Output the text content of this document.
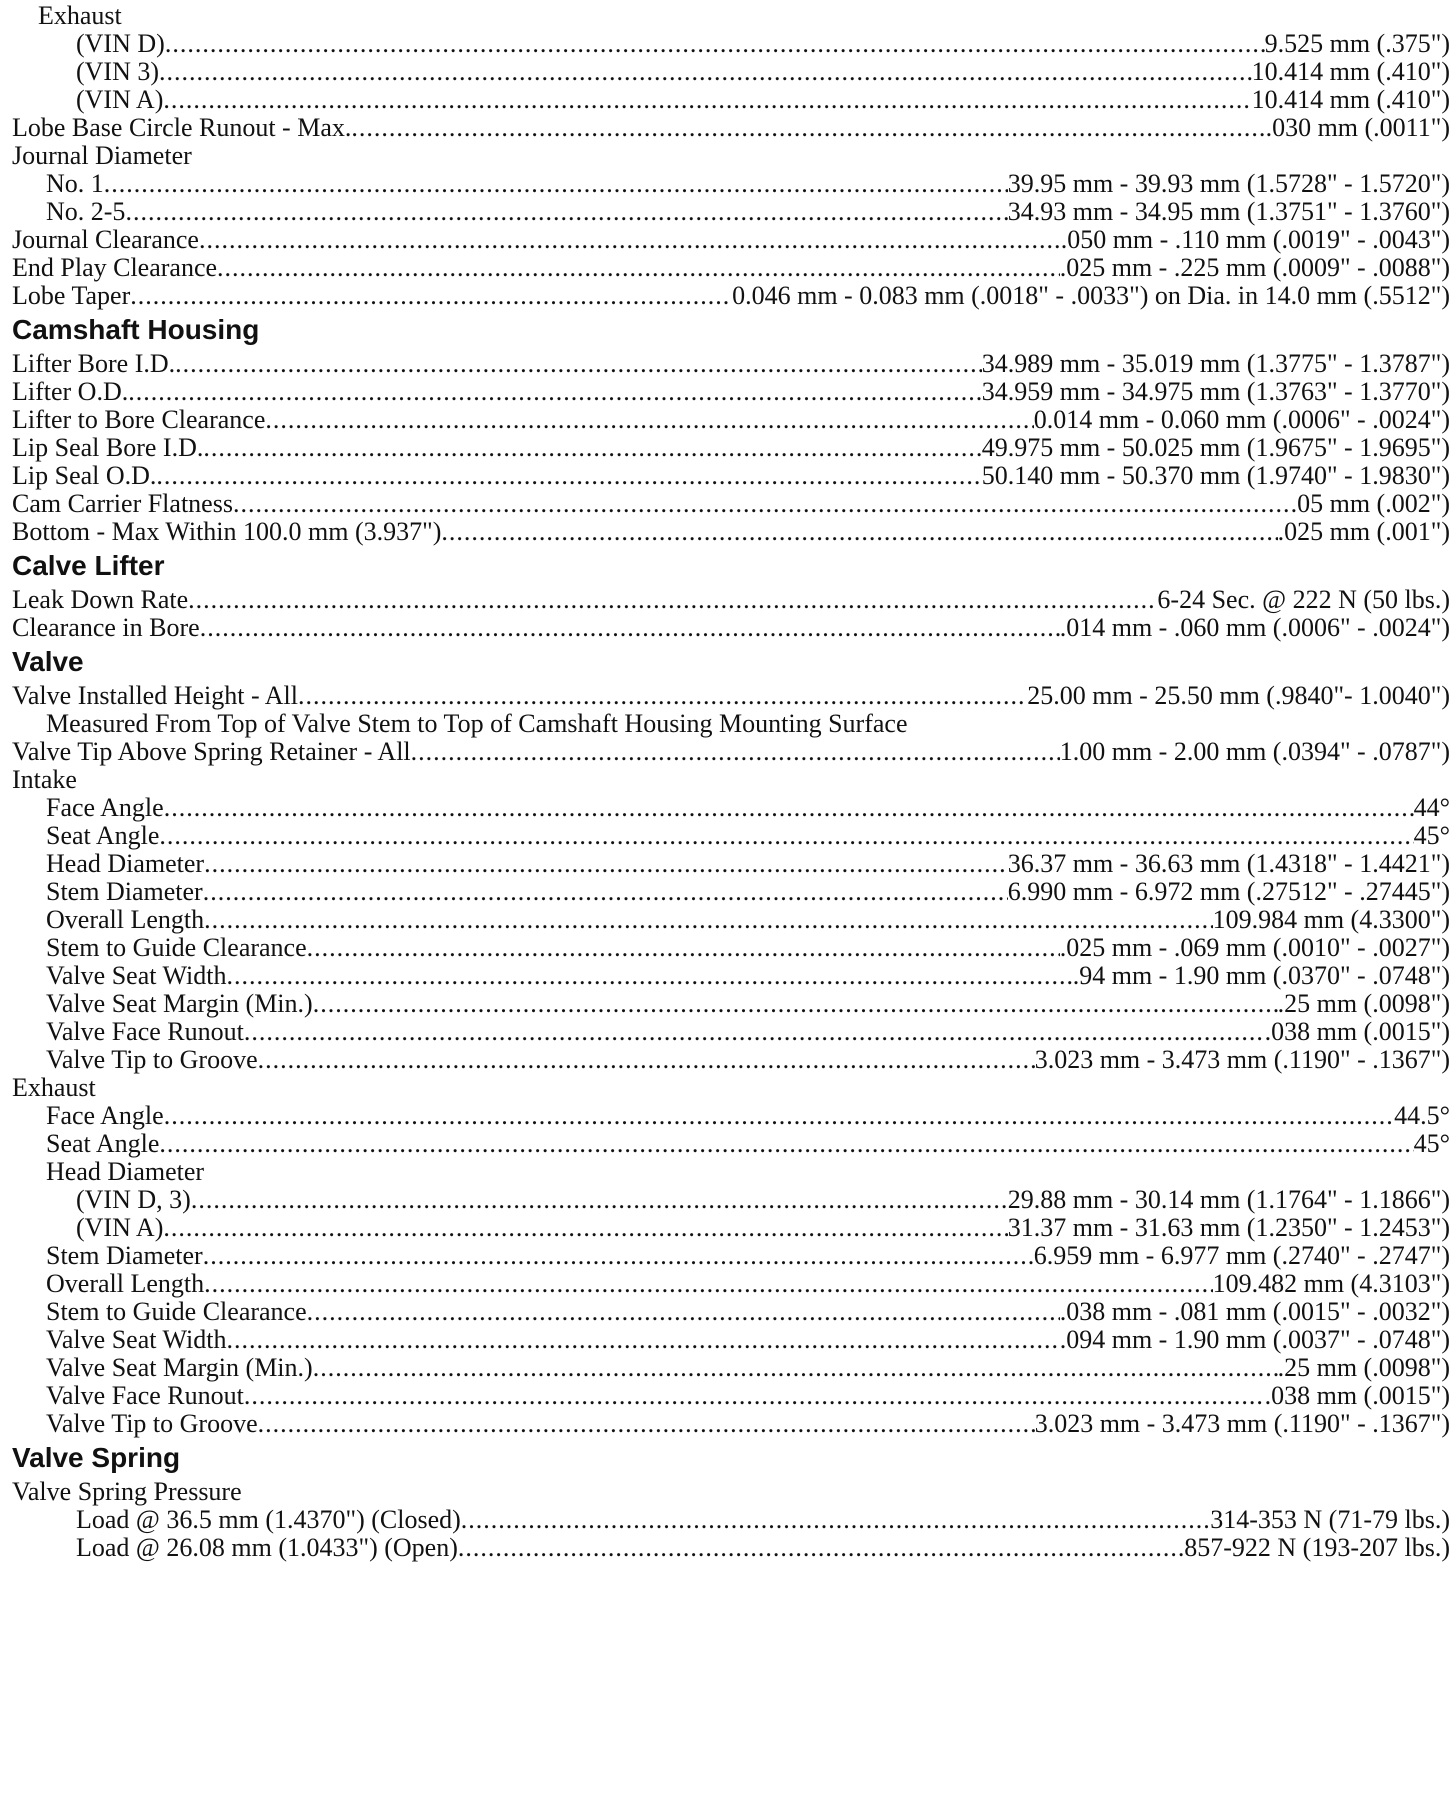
Exhaust
(VIN D) .....	9.525 mm (.375")
(VIN 3) .....	10.414 mm (.410")
(VIN A) .....	10.414 mm (.410")
Lobe Base Circle Runout - Max. .....	.030 mm (.0011")
Journal Diameter
No. 1 .....	39.95 mm - 39.93 mm (1.5728" - 1.5720")
No. 2-5 .....	34.93 mm - 34.95 mm (1.3751" - 1.3760")
Journal Clearance .....	.050 mm - .110 mm (.0019" - .0043")
End Play Clearance .....	.025 mm - .225 mm (.0009" - .0088")
Lobe Taper .....	0.046 mm - 0.083 mm (.0018" - .0033") on Dia. in 14.0 mm (.5512")
Camshaft Housing
Lifter Bore I.D. .....	34.989 mm - 35.019 mm (1.3775" - 1.3787")
Lifter O.D. .....	34.959 mm - 34.975 mm (1.3763" - 1.3770")
Lifter to Bore Clearance .....	0.014 mm - 0.060 mm (.0006" - .0024")
Lip Seal Bore I.D. .....	49.975 mm - 50.025 mm (1.9675" - 1.9695")
Lip Seal O.D. .....	50.140 mm - 50.370 mm (1.9740" - 1.9830")
Cam Carrier Flatness .....	.05 mm (.002")
Bottom - Max Within 100.0 mm (3.937") .....	.025 mm (.001")
Calve Lifter
Leak Down Rate .....	6-24 Sec. @ 222 N (50 lbs.)
Clearance in Bore .....	.014 mm - .060 mm (.0006" - .0024")
Valve
Valve Installed Height - All .....	25.00 mm - 25.50 mm (.9840"- 1.0040")
Measured From Top of Valve Stem to Top of Camshaft Housing Mounting Surface
Valve Tip Above Spring Retainer - All .....	1.00 mm - 2.00 mm (.0394" - .0787")
Intake
Face Angle .....	44°
Seat Angle .....	45°
Head Diameter .....	36.37 mm - 36.63 mm (1.4318" - 1.4421")
Stem Diameter .....	6.990 mm - 6.972 mm (.27512" - .27445")
Overall Length .....	109.984 mm (4.3300")
Stem to Guide Clearance .....	.025 mm - .069 mm (.0010" - .0027")
Valve Seat Width .....	.94 mm - 1.90 mm (.0370" - .0748")
Valve Seat Margin (Min.) .....	.25 mm (.0098")
Valve Face Runout .....	.038 mm (.0015")
Valve Tip to Groove .....	3.023 mm - 3.473 mm (.1190" - .1367")
Exhaust
Face Angle .....	44.5°
Seat Angle .....	45°
Head Diameter
(VIN D, 3) .....	29.88 mm - 30.14 mm (1.1764" - 1.1866")
(VIN A) .....	31.37 mm - 31.63 mm (1.2350" - 1.2453")
Stem Diameter .....	6.959 mm - 6.977 mm (.2740" - .2747")
Overall Length .....	109.482 mm (4.3103")
Stem to Guide Clearance .....	.038 mm - .081 mm (.0015" - .0032")
Valve Seat Width .....	.094 mm - 1.90 mm (.0037" - .0748")
Valve Seat Margin (Min.) .....	.25 mm (.0098")
Valve Face Runout .....	.038 mm (.0015")
Valve Tip to Groove .....	3.023 mm - 3.473 mm (.1190" - .1367")
Valve Spring
Valve Spring Pressure
Load @ 36.5 mm (1.4370") (Closed) .....	314-353 N (71-79 lbs.)
Load @ 26.08 mm (1.0433") (Open) .....	857-922 N (193-207 lbs.)
